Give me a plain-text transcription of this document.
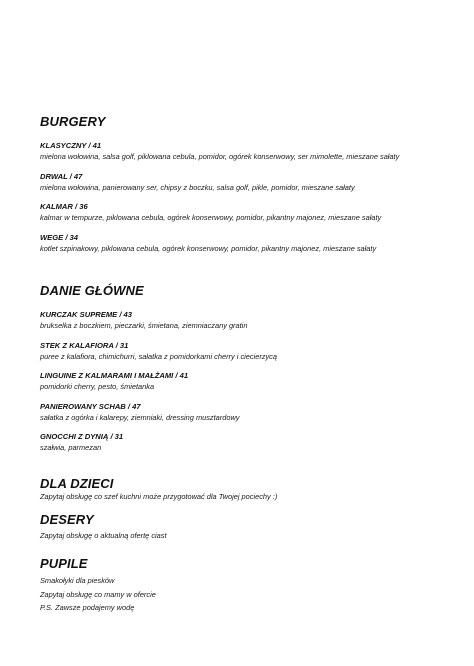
BURGERY
KLASYCZNY / 41
mielona wołowina, salsa golf, piklowana cebula, pomidor, ogórek konserwowy, ser mimolette, mieszane sałaty
DRWAL / 47
mielona wołowina, panierowany ser, chipsy z boczku, salsa golf, pikle, pomidor, mieszane sałaty
KALMAR / 36
kalmar w tempurze, piklowana cebula, ogórek konserwowy, pomidor, pikantny majonez, mieszane sałaty
WEGE / 34
kotlet szpinakowy, piklowana cebula, ogórek konserwowy, pomidor, pikantny majonez, mieszane sałaty
DANIE GŁÓWNE
KURCZAK SUPREME / 43
brukselka z boczkiem, pieczarki, śmietana, ziemniaczany gratin
STEK Z KALAFIORA / 31
puree z kalafiora, chimichurri, sałatka z pomidorkami cherry i ciecierzycą
LINGUINE Z KALMARAMI I MAŁŻAMI / 41
pomidorki cherry, pesto, śmietanka
PANIEROWANY SCHAB / 47
sałatka z ogórka i kalarepy, ziemniaki, dressing musztardowy
GNOCCHI Z DYNIĄ / 31
szałwia, parmezan
DLA DZIECI
Zapytaj obsługę co szef kuchni może przygotować dla Twojej pociechy :)
DESERY
Zapytaj obsługę o aktualną ofertę ciast
PUPILE
Smakołyki dla piesków
Zapytaj obsługę co mamy w ofercie
P.S. Zawsze podajemy wodę
